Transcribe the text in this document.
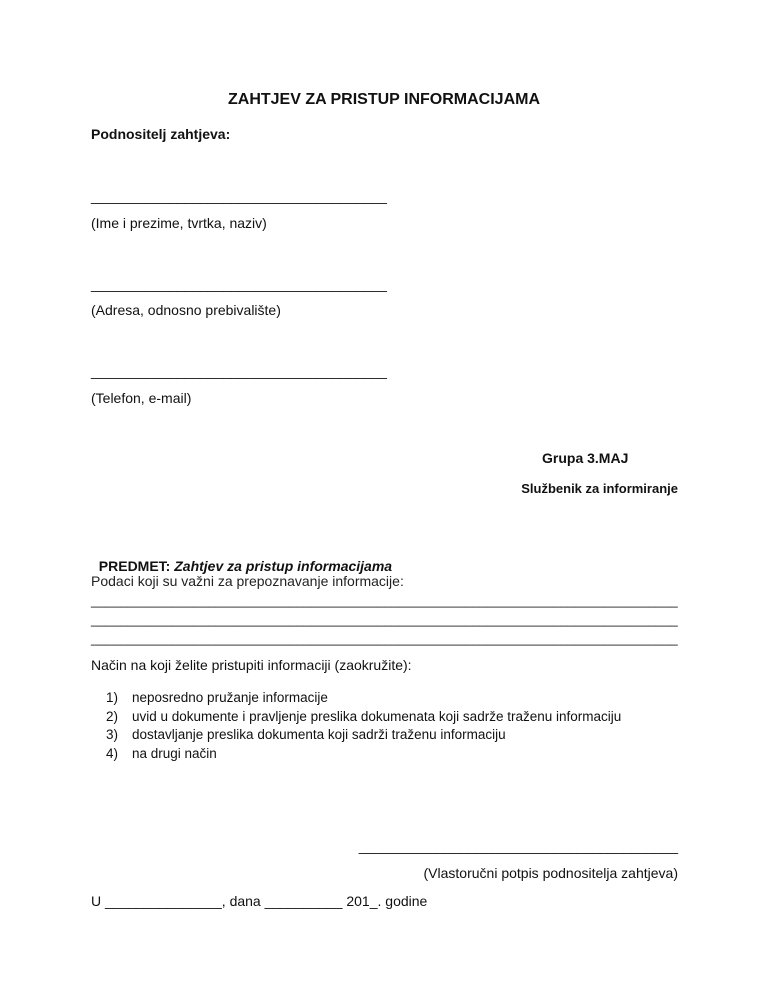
ZAHTJEV ZA PRISTUP INFORMACIJAMA
Podnositelj zahtjeva:
______________________________________
(Ime i prezime, tvrtka, naziv)
______________________________________
(Adresa, odnosno prebivalište)
______________________________________
(Telefon, e-mail)
Grupa 3.MAJ
Službenik za informiranje

PREDMET: Zahtjev za pristup informacijama

Podaci koji su važni za prepoznavanje informacije:
________________________________________________________________________________
________________________________________________________________________________
________________________________________________________________________________
Način na koji želite pristupiti informaciji (zaokružite):
1) neposredno pružanje informacije
2) uvid u dokumente i pravljenje preslika dokumenata koji sadrže traženu informaciju
3) dostavljanje preslika dokumenta koji sadrži traženu informaciju
4) na drugi način
_________________________________________
(Vlastoručni potpis podnositelja zahtjeva)
U _______________, dana __________ 201_. godine
